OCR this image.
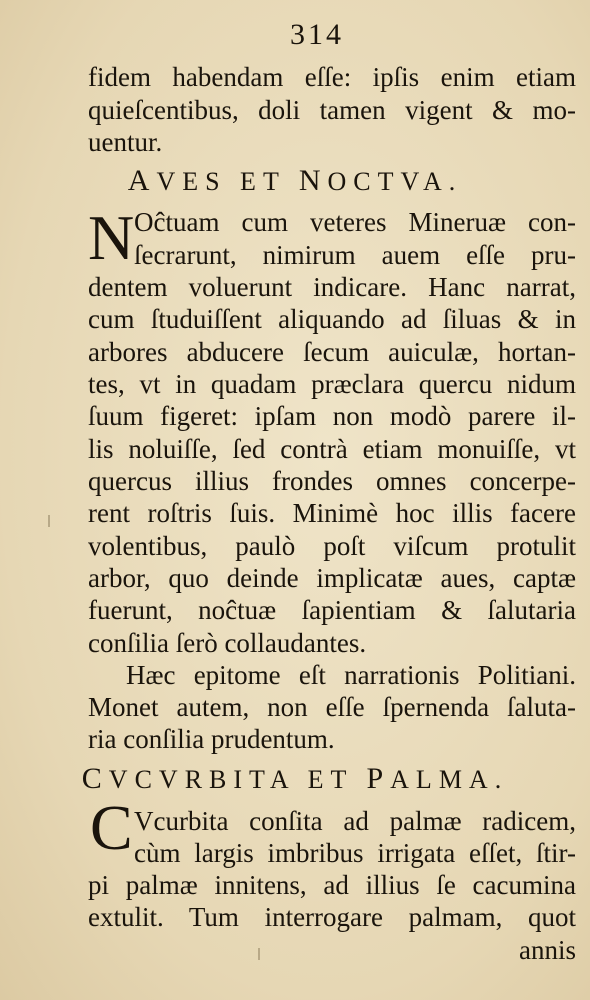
314
fidem habendam eſſe: ipſis enim etiam
quieſcentibus, doli tamen vigent & mo-
uentur.
AVES ET NOCTVA.
N Oĉtuam cum veteres Mineruæ con-
ſecrarunt, nimirum auem eſſe pru-
dentem voluerunt indicare. Hanc narrat,
cum ſtuduiſſent aliquando ad ſiluas & in
arbores abducere ſecum auiculæ, hortan-
tes, vt in quadam præclara quercu nidum
ſuum figeret: ipſam non modò parere il-
lis noluiſſe, ſed contrà etiam monuiſſe, vt
quercus illius frondes omnes concerpe-
rent roſtris ſuis. Minimè hoc illis facere
volentibus, paulò poſt viſcum protulit
arbor, quo deinde implicatæ aues, captæ
fuerunt, noĉtuæ ſapientiam & ſalutaria
conſilia ſerò collaudantes.
Hæc epitome eſt narrationis Politiani.
Monet autem, non eſſe ſpernenda ſaluta-
ria conſilia prudentum.
CVCVRBITA ET PALMA.
C Vcurbita conſita ad palmæ radicem,
cùm largis imbribus irrigata eſſet, ſtir-
pi palmæ innitens, ad illius ſe cacumina
extulit. Tum interrogare palmam, quot
annis
